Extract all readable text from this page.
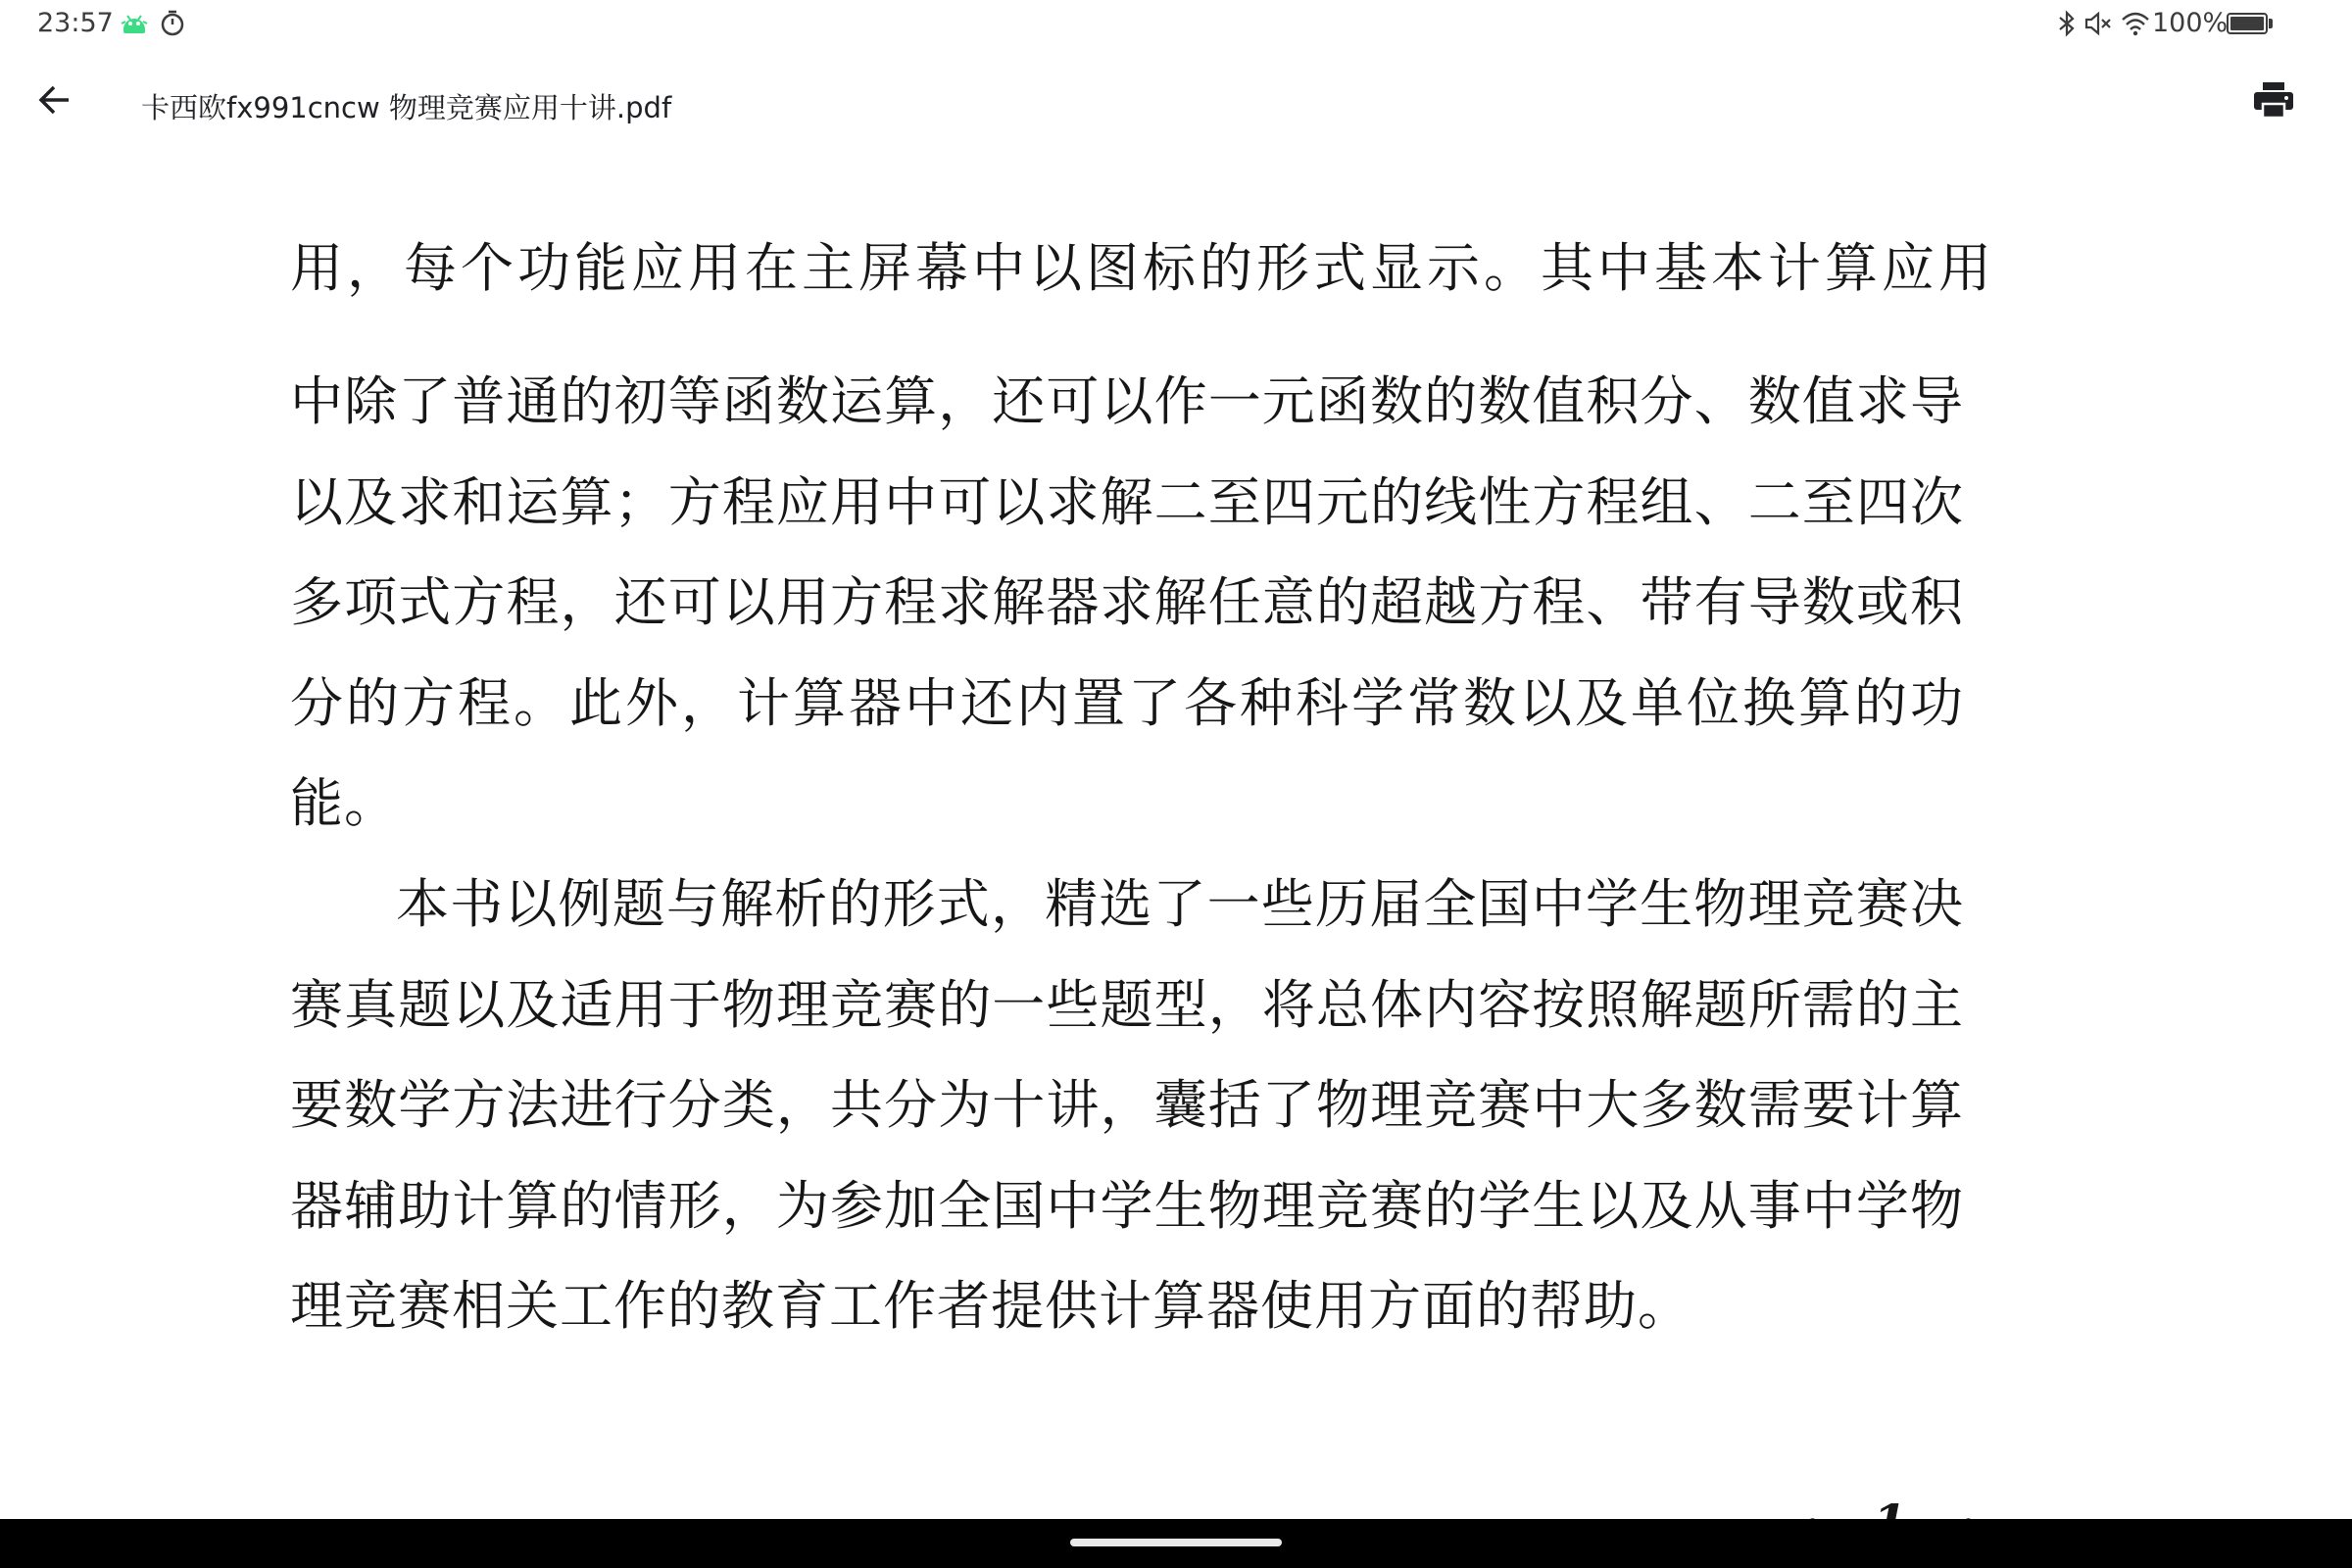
23:57	100%
卡西欧fx991cncw 物理竞赛应用十讲.pdf
用，每个功能应用在主屏幕中以图标的形式显示。其中基本计算应用

中除了普通的初等函数运算，还可以作一元函数的数值积分、数值求导以及求和运算；方程应用中可以求解二至四元的线性方程组、二至四次多项式方程，还可以用方程求解器求解任意的超越方程、带有导数或积分的方程。此外，计算器中还内置了各种科学常数以及单位换算的功能。

本书以例题与解析的形式，精选了一些历届全国中学生物理竞赛决赛真题以及适用于物理竞赛的一些题型，将总体内容按照解题所需的主要数学方法进行分类，共分为十讲，囊括了物理竞赛中大多数需要计算器辅助计算的情形，为参加全国中学生物理竞赛的学生以及从事中学物理竞赛相关工作的教育工作者提供计算器使用方面的帮助。
